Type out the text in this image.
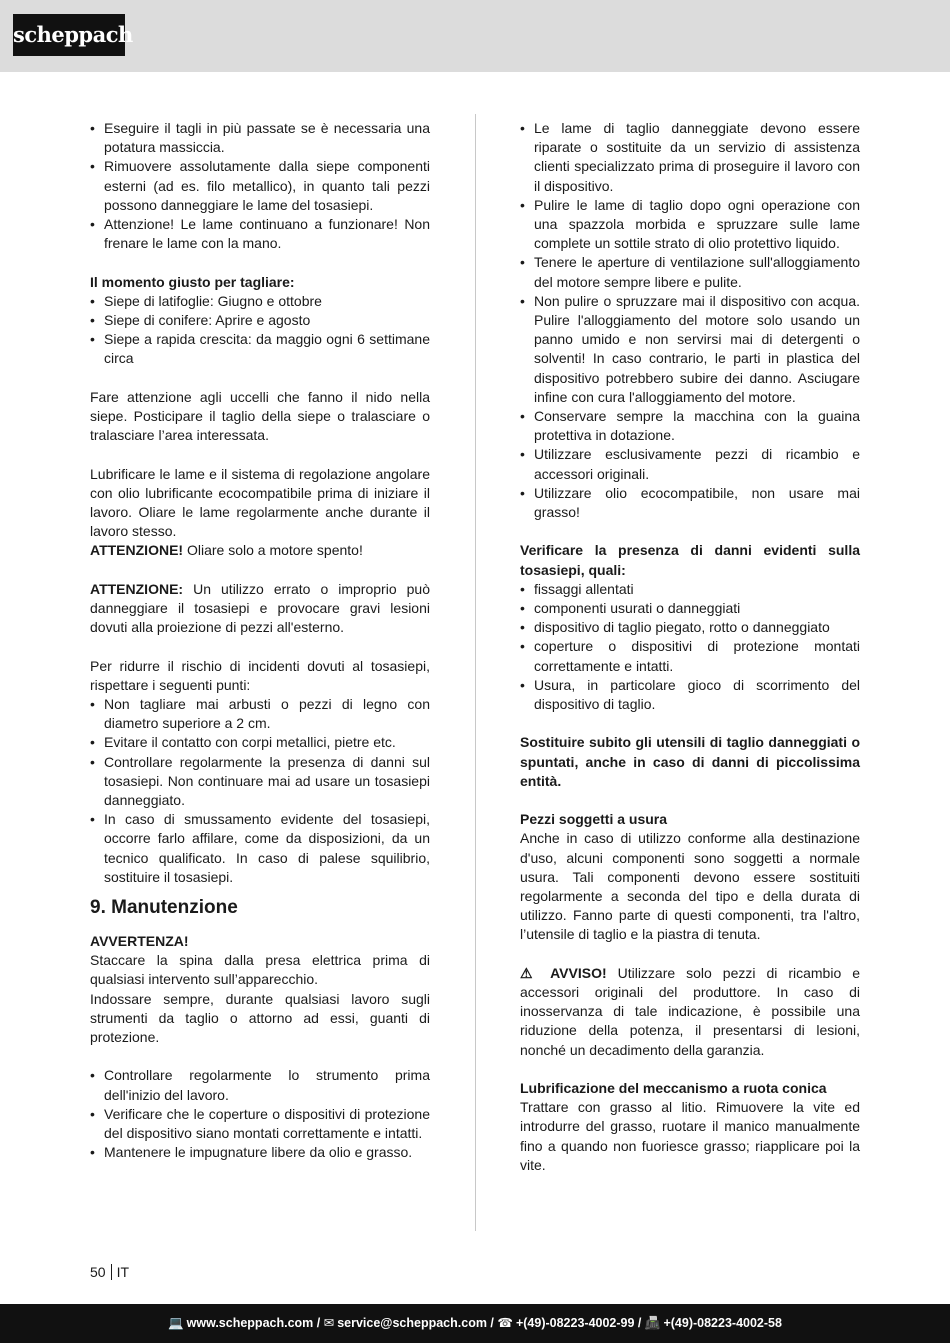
scheppach
• Eseguire il tagli in più passate se è necessaria una potatura massiccia.
• Rimuovere assolutamente dalla siepe componenti esterni (ad es. filo metallico), in quanto tali pezzi possono danneggiare le lame del tosasiepi.
• Attenzione! Le lame continuano a funzionare! Non frenare le lame con la mano.

Il momento giusto per tagliare:

• Siepe di latifoglie: Giugno e ottobre
• Siepe di conifere: Aprire e agosto
• Siepe a rapida crescita: da maggio ogni 6 settimane circa

Fare attenzione agli uccelli che fanno il nido nella siepe. Posticipare il taglio della siepe o tralasciare o tralasciare l’area interessata.

Lubrificare le lame e il sistema di regolazione angolare con olio lubrificante ecocompatibile prima di iniziare il lavoro. Oliare le lame regolarmente anche durante il lavoro stesso.

ATTENZIONE! Oliare solo a motore spento!

ATTENZIONE: Un utilizzo errato o improprio può danneggiare il tosasiepi e provocare gravi lesioni dovuti alla proiezione di pezzi all'esterno.

Per ridurre il rischio di incidenti dovuti al tosasiepi, rispettare i seguenti punti:

• Non tagliare mai arbusti o pezzi di legno con diametro superiore a 2 cm.
• Evitare il contatto con corpi metallici, pietre etc.
• Controllare regolarmente la presenza di danni sul tosasiepi. Non continuare mai ad usare un tosasiepi danneggiato.
• In caso di smussamento evidente del tosasiepi, occorre farlo affilare, come da disposizioni, da un tecnico qualificato. In caso di palese squilibrio, sostituire il tosasiepi.
9. Manutenzione

AVVERTENZA!

Staccare la spina dalla presa elettrica prima di qualsiasi intervento sull’apparecchio.

Indossare sempre, durante qualsiasi lavoro sugli strumenti da taglio o attorno ad essi, guanti di protezione.

• Controllare regolarmente lo strumento prima dell'inizio del lavoro.
• Verificare che le coperture o dispositivi di protezione del dispositivo siano montati correttamente e intatti.
• Mantenere le impugnature libere da olio e grasso.
• Le lame di taglio danneggiate devono essere riparate o sostituite da un servizio di assistenza clienti specializzato prima di proseguire il lavoro con il dispositivo.
• Pulire le lame di taglio dopo ogni operazione con una spazzola morbida e spruzzare sulle lame complete un sottile strato di olio protettivo liquido.
• Tenere le aperture di ventilazione sull'alloggiamento del motore sempre libere e pulite.
• Non pulire o spruzzare mai il dispositivo con acqua. Pulire l'alloggiamento del motore solo usando un panno umido e non servirsi mai di detergenti o solventi! In caso contrario, le parti in plastica del dispositivo potrebbero subire dei danno. Asciugare infine con cura l'alloggiamento del motore.
• Conservare sempre la macchina con la guaina protettiva in dotazione.
• Utilizzare esclusivamente pezzi di ricambio e accessori originali.
• Utilizzare olio ecocompatibile, non usare mai grasso!

Verificare la presenza di danni evidenti sulla tosasiepi, quali:

• fissaggi allentati
• componenti usurati o danneggiati
• dispositivo di taglio piegato, rotto o danneggiato
• coperture o dispositivi di protezione montati correttamente e intatti.
• Usura, in particolare gioco di scorrimento del dispositivo di taglio.

Sostituire subito gli utensili di taglio danneggiati o spuntati, anche in caso di danni di piccolissima entità.

Pezzi soggetti a usura

Anche in caso di utilizzo conforme alla destinazione d'uso, alcuni componenti sono soggetti a normale usura. Tali componenti devono essere sostituiti regolarmente a seconda del tipo e della durata di utilizzo. Fanno parte di questi componenti, tra l'altro, l’utensile di taglio e la piastra di tenuta.

⚠ AVVISO! Utilizzare solo pezzi di ricambio e accessori originali del produttore. In caso di inosservanza di tale indicazione, è possibile una riduzione della potenza, il presentarsi di lesioni, nonché un decadimento della garanzia.

Lubrificazione del meccanismo a ruota conica

Trattare con grasso al litio. Rimuovere la vite ed introdurre del grasso, ruotare il manico manualmente fino a quando non fuoriesce grasso; riapplicare poi la vite.

50 IT
💻 www.scheppach.com / ✉ service@scheppach.com / ☎ +(49)-08223-4002-99 / 📠 +(49)-08223-4002-58
